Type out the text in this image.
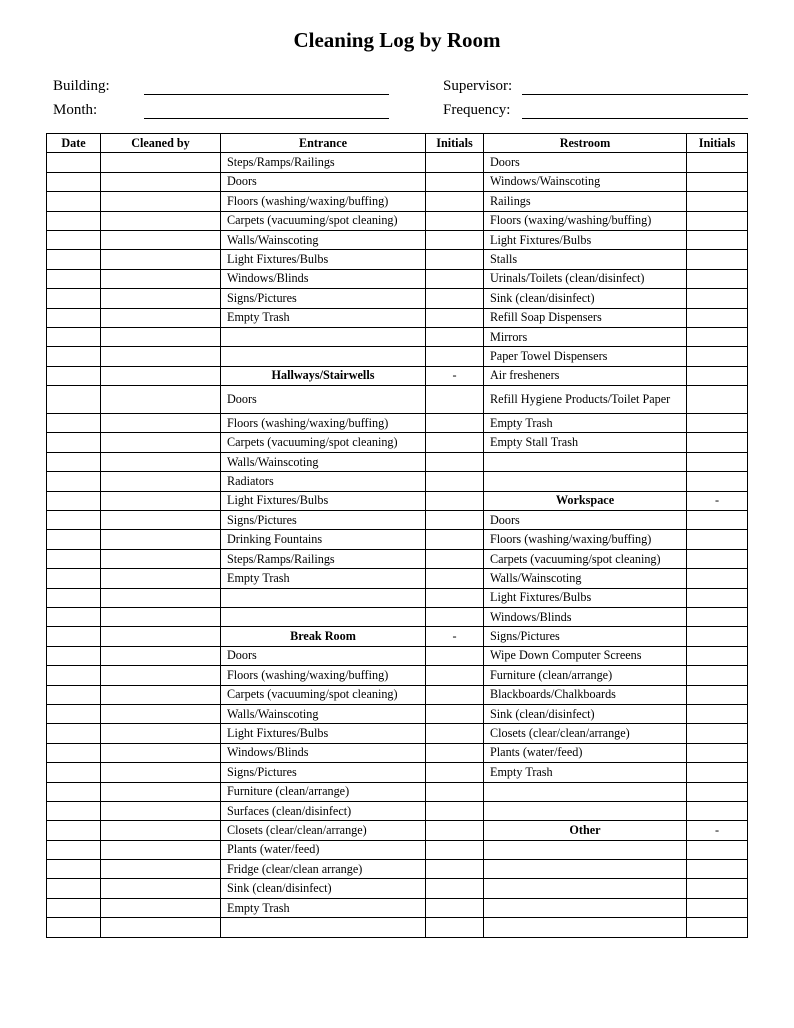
Cleaning Log by Room
Building:	Supervisor:
Month:	Frequency:
Date	Cleaned by	Entrance	Initials	Restroom	Initials
		Steps/Ramps/Railings		Doors	
		Doors		Windows/Wainscoting	
		Floors (washing/waxing/buffing)		Railings	
		Carpets (vacuuming/spot cleaning)		Floors (waxing/washing/buffing)	
		Walls/Wainscoting		Light Fixtures/Bulbs	
		Light Fixtures/Bulbs		Stalls	
		Windows/Blinds		Urinals/Toilets (clean/disinfect)	
		Signs/Pictures		Sink (clean/disinfect)	
		Empty Trash		Refill Soap Dispensers	
				Mirrors	
				Paper Towel Dispensers	
		Hallways/Stairwells	-	Air fresheners	
		Doors		Refill Hygiene Products/Toilet Paper	
		Floors (washing/waxing/buffing)		Empty Trash	
		Carpets (vacuuming/spot cleaning)		Empty Stall Trash	
		Walls/Wainscoting			
		Radiators			
		Light Fixtures/Bulbs		Workspace	-
		Signs/Pictures		Doors	
		Drinking Fountains		Floors (washing/waxing/buffing)	
		Steps/Ramps/Railings		Carpets (vacuuming/spot cleaning)	
		Empty Trash		Walls/Wainscoting	
				Light Fixtures/Bulbs	
				Windows/Blinds	
		Break Room	-	Signs/Pictures	
		Doors		Wipe Down Computer Screens	
		Floors (washing/waxing/buffing)		Furniture (clean/arrange)	
		Carpets (vacuuming/spot cleaning)		Blackboards/Chalkboards	
		Walls/Wainscoting		Sink (clean/disinfect)	
		Light Fixtures/Bulbs		Closets (clear/clean/arrange)	
		Windows/Blinds		Plants (water/feed)	
		Signs/Pictures		Empty Trash	
		Furniture (clean/arrange)			
		Surfaces (clean/disinfect)			
		Closets (clear/clean/arrange)		Other	-
		Plants (water/feed)			
		Fridge (clear/clean arrange)			
		Sink (clean/disinfect)			
		Empty Trash			
